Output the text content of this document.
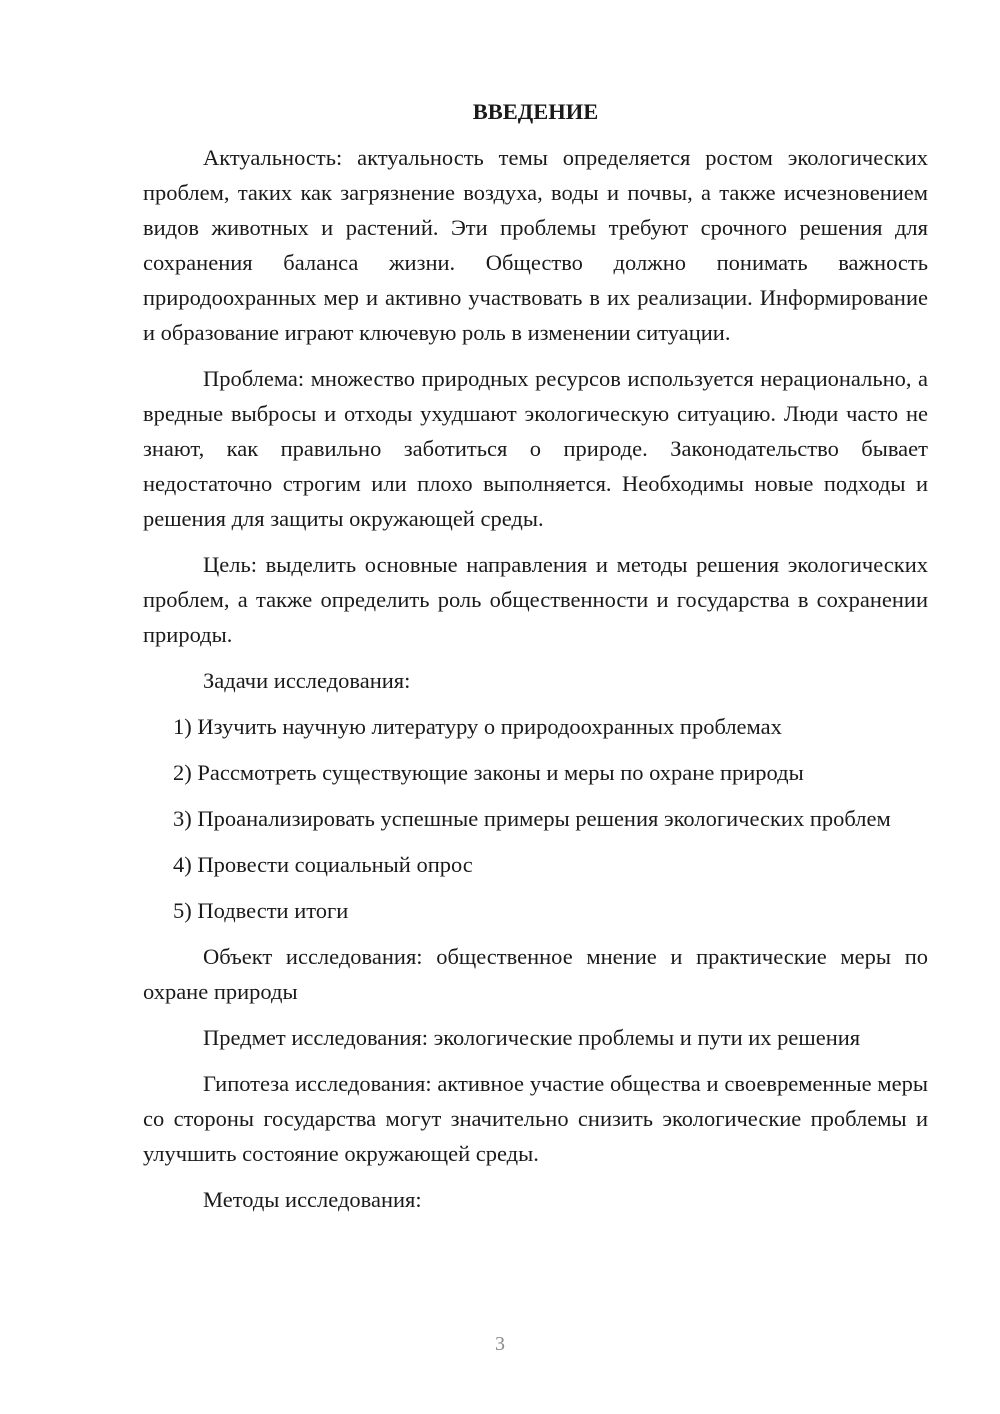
ВВЕДЕНИЕ

Актуальность: актуальность темы определяется ростом экологических проблем, таких как загрязнение воздуха, воды и почвы, а также исчезновением видов животных и растений. Эти проблемы требуют срочного решения для сохранения баланса жизни. Общество должно понимать важность природоохранных мер и активно участвовать в их реализации. Информирование и образование играют ключевую роль в изменении ситуации.

Проблема: множество природных ресурсов используется нерационально, а вредные выбросы и отходы ухудшают экологическую ситуацию. Люди часто не знают, как правильно заботиться о природе. Законодательство бывает недостаточно строгим или плохо выполняется. Необходимы новые подходы и решения для защиты окружающей среды.

Цель: выделить основные направления и методы решения экологических проблем, а также определить роль общественности и государства в сохранении природы.

Задачи исследования:

1) Изучить научную литературу о природоохранных проблемах

2) Рассмотреть существующие законы и меры по охране природы

3) Проанализировать успешные примеры решения экологических проблем

4) Провести социальный опрос

5) Подвести итоги

Объект исследования: общественное мнение и практические меры по охране природы

Предмет исследования: экологические проблемы и пути их решения

Гипотеза исследования: активное участие общества и своевременные меры со стороны государства могут значительно снизить экологические проблемы и улучшить состояние окружающей среды.

Методы исследования:

3
